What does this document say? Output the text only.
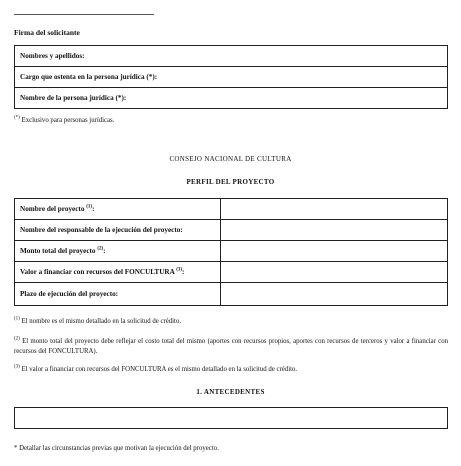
Firma del solicitante
Nombres y apellidos:
Cargo que ostenta en la persona jurídica (*):
Nombre de la persona jurídica (*):
(*) Exclusivo para personas jurídicas.
CONSEJO NACIONAL DE CULTURA
PERFIL DEL PROYECTO
Nombre del proyecto $^{(1)}$:	
Nombre del responsable de la ejecución del proyecto:	
Monto total del proyecto $^{(2)}$:	
Valor a financiar con recursos del FONCULTURA $^{(3)}$:	
Plazo de ejecución del proyecto:	
$^{(1)}$ El nombre es el mismo detallado en la solicitud de crédito.
$^{(2)}$ El monto total del proyecto debe reflejar el costo total del mismo (aportes con recursos propios, aportes con recursos de terceros y valor a financiar con recursos del FONCULTURA).
$^{(3)}$ El valor a financiar con recursos del FONCULTURA es el mismo detallado en la solicitud de crédito.
1. ANTECEDENTES
* Detallar las circunstancias previas que motivan la ejecución del proyecto.
